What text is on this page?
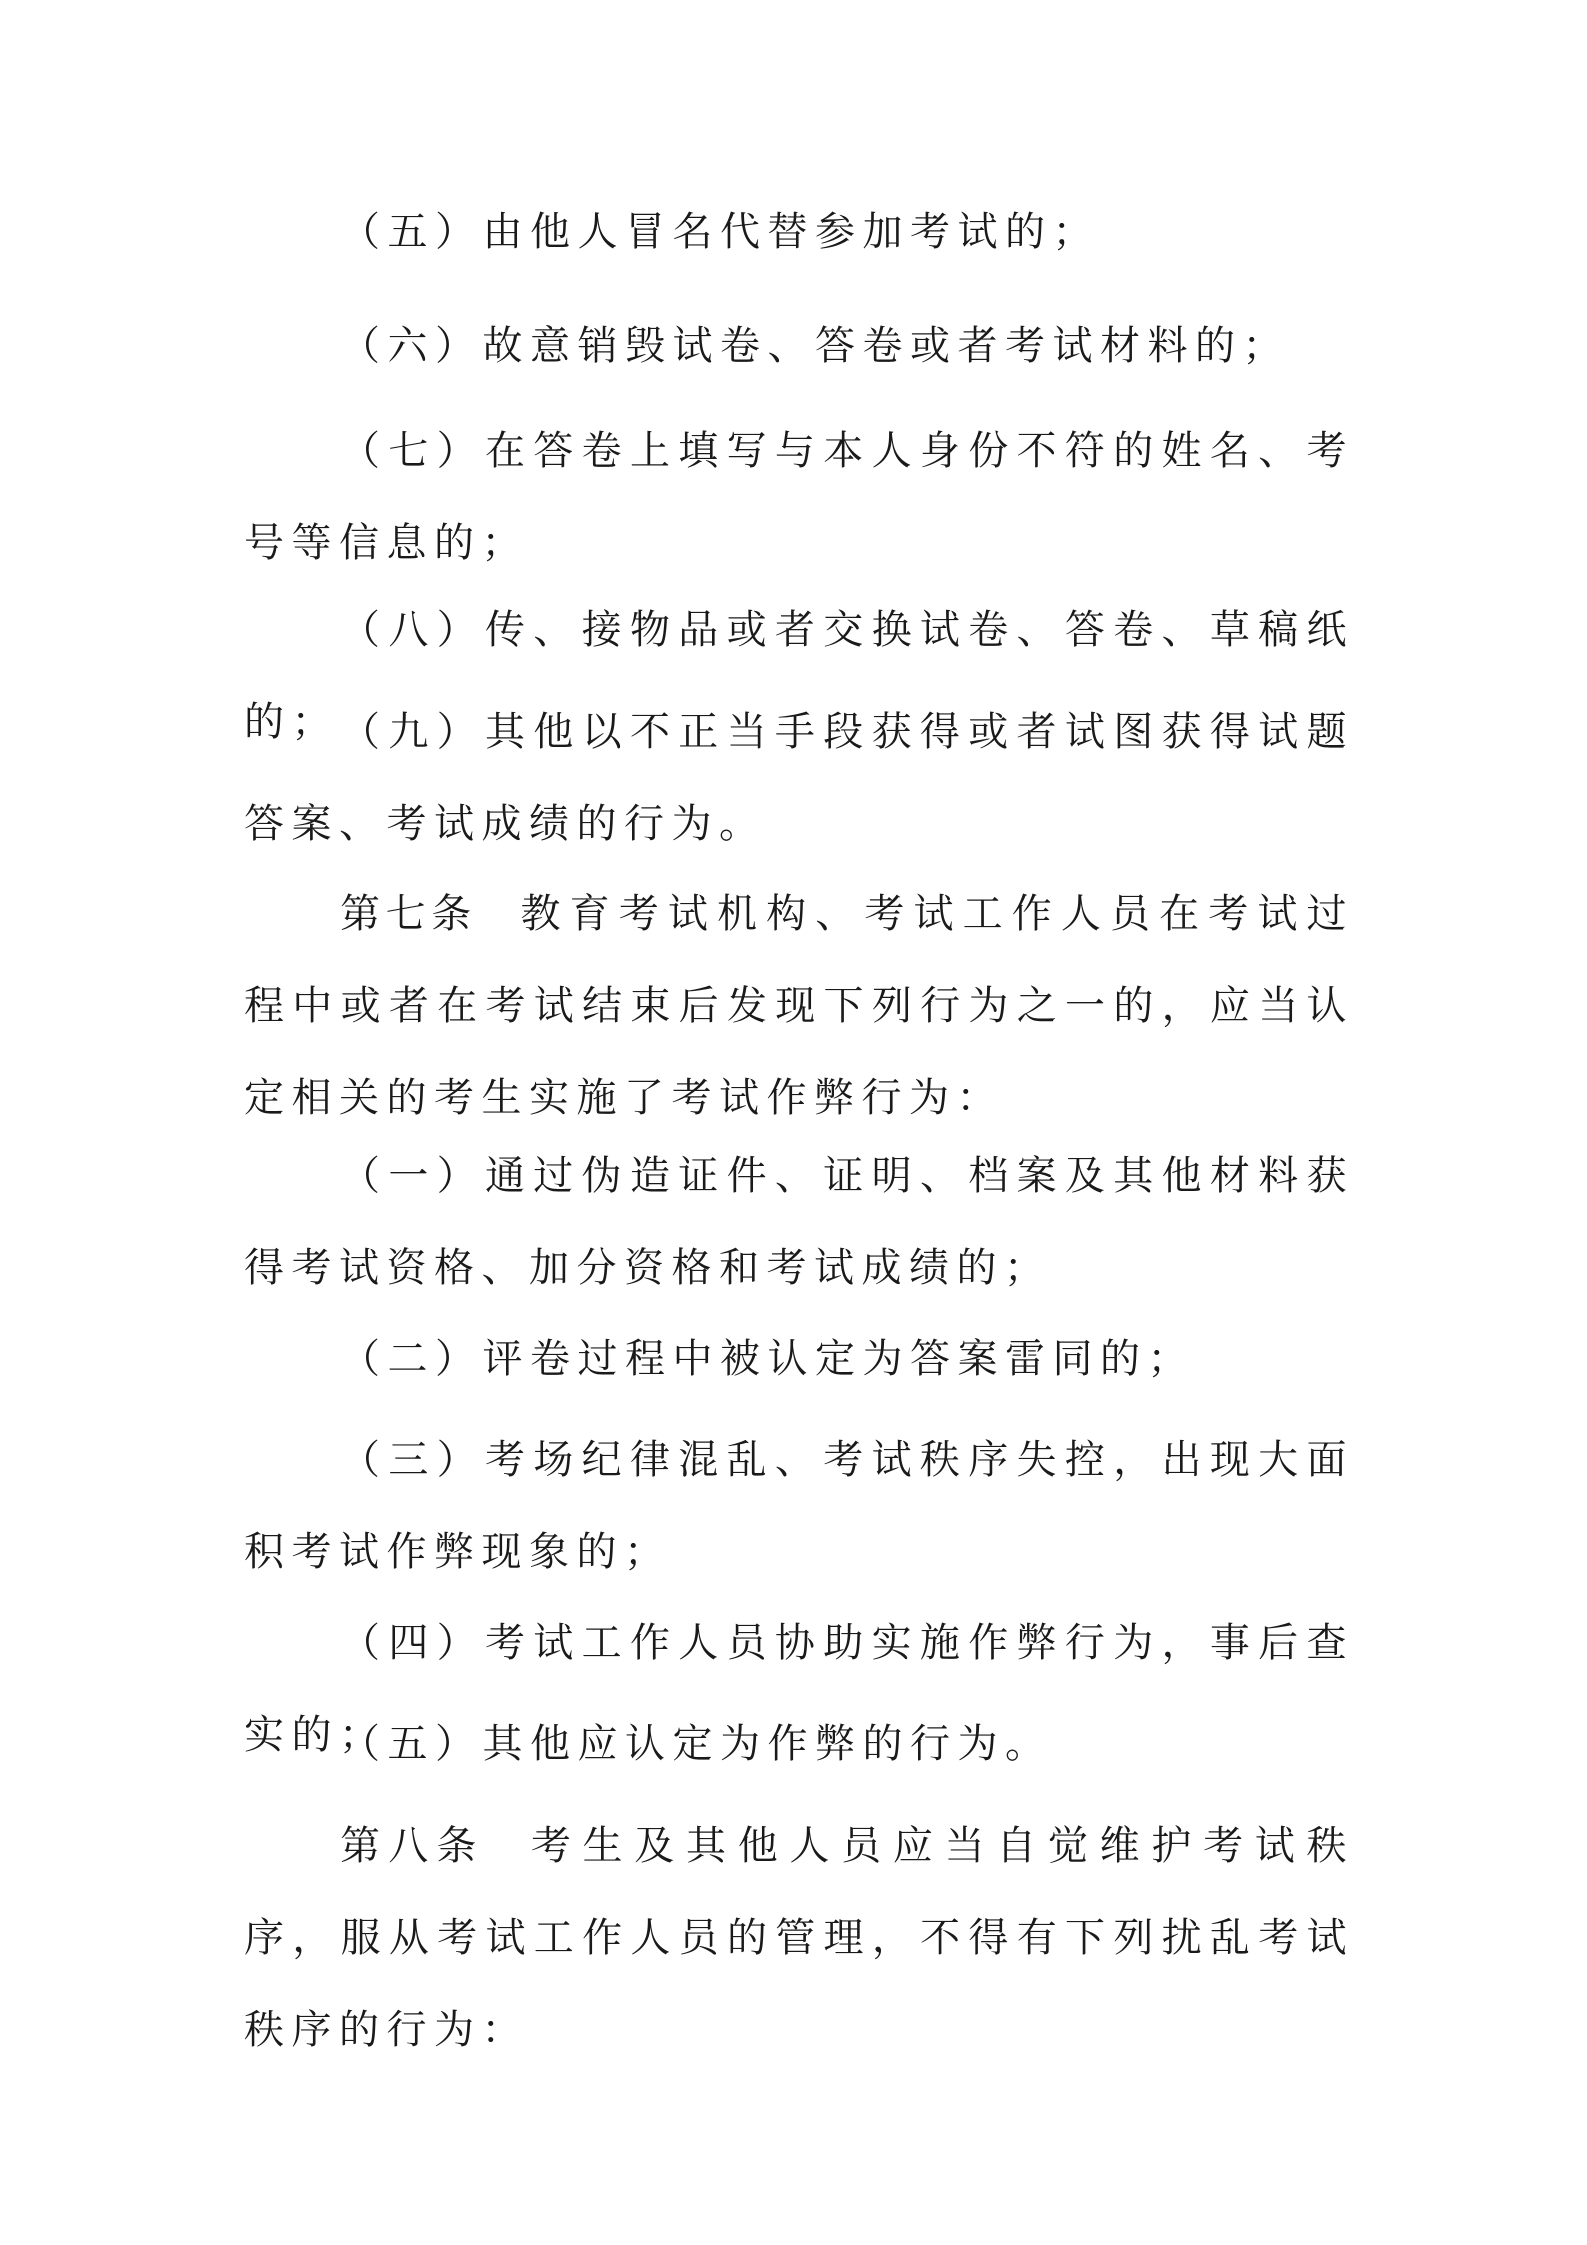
（五）由他人冒名代替参加考试的；

（六）故意销毁试卷、答卷或者考试材料的；

（七）在答卷上填写与本人身份不符的姓名、考号等信息的；

（八）传、接物品或者交换试卷、答卷、草稿纸的； （九）其他以不正当手段获得或者试图获得试题答案、考试成绩的行为。

第七条 教育考试机构、考试工作人员在考试过程中或者在考试结束后发现下列行为之一的，应当认定相关的考生实施了考试作弊行为：

（一）通过伪造证件、证明、档案及其他材料获得考试资格、加分资格和考试成绩的；

（二）评卷过程中被认定为答案雷同的；

（三）考场纪律混乱、考试秩序失控，出现大面积考试作弊现象的；

（四）考试工作人员协助实施作弊行为，事后查实的；

（五）其他应认定为作弊的行为。

第八条 考生及其他人员应当自觉维护考试秩序，服从考试工作人员的管理，不得有下列扰乱考试秩序的行为：
